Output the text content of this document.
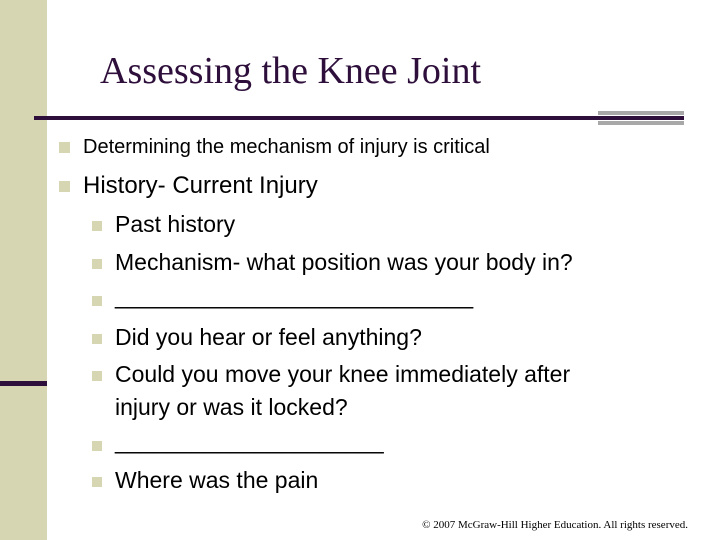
Assessing the Knee Joint
Determining the mechanism of injury is critical
History- Current Injury
Past history
Mechanism- what position was your body in?
____________________________
Did you hear or feel anything?
Could you move your knee immediately after
injury or was it locked?
_____________________
Where was the pain
© 2007 McGraw-Hill Higher Education. All rights reserved.
